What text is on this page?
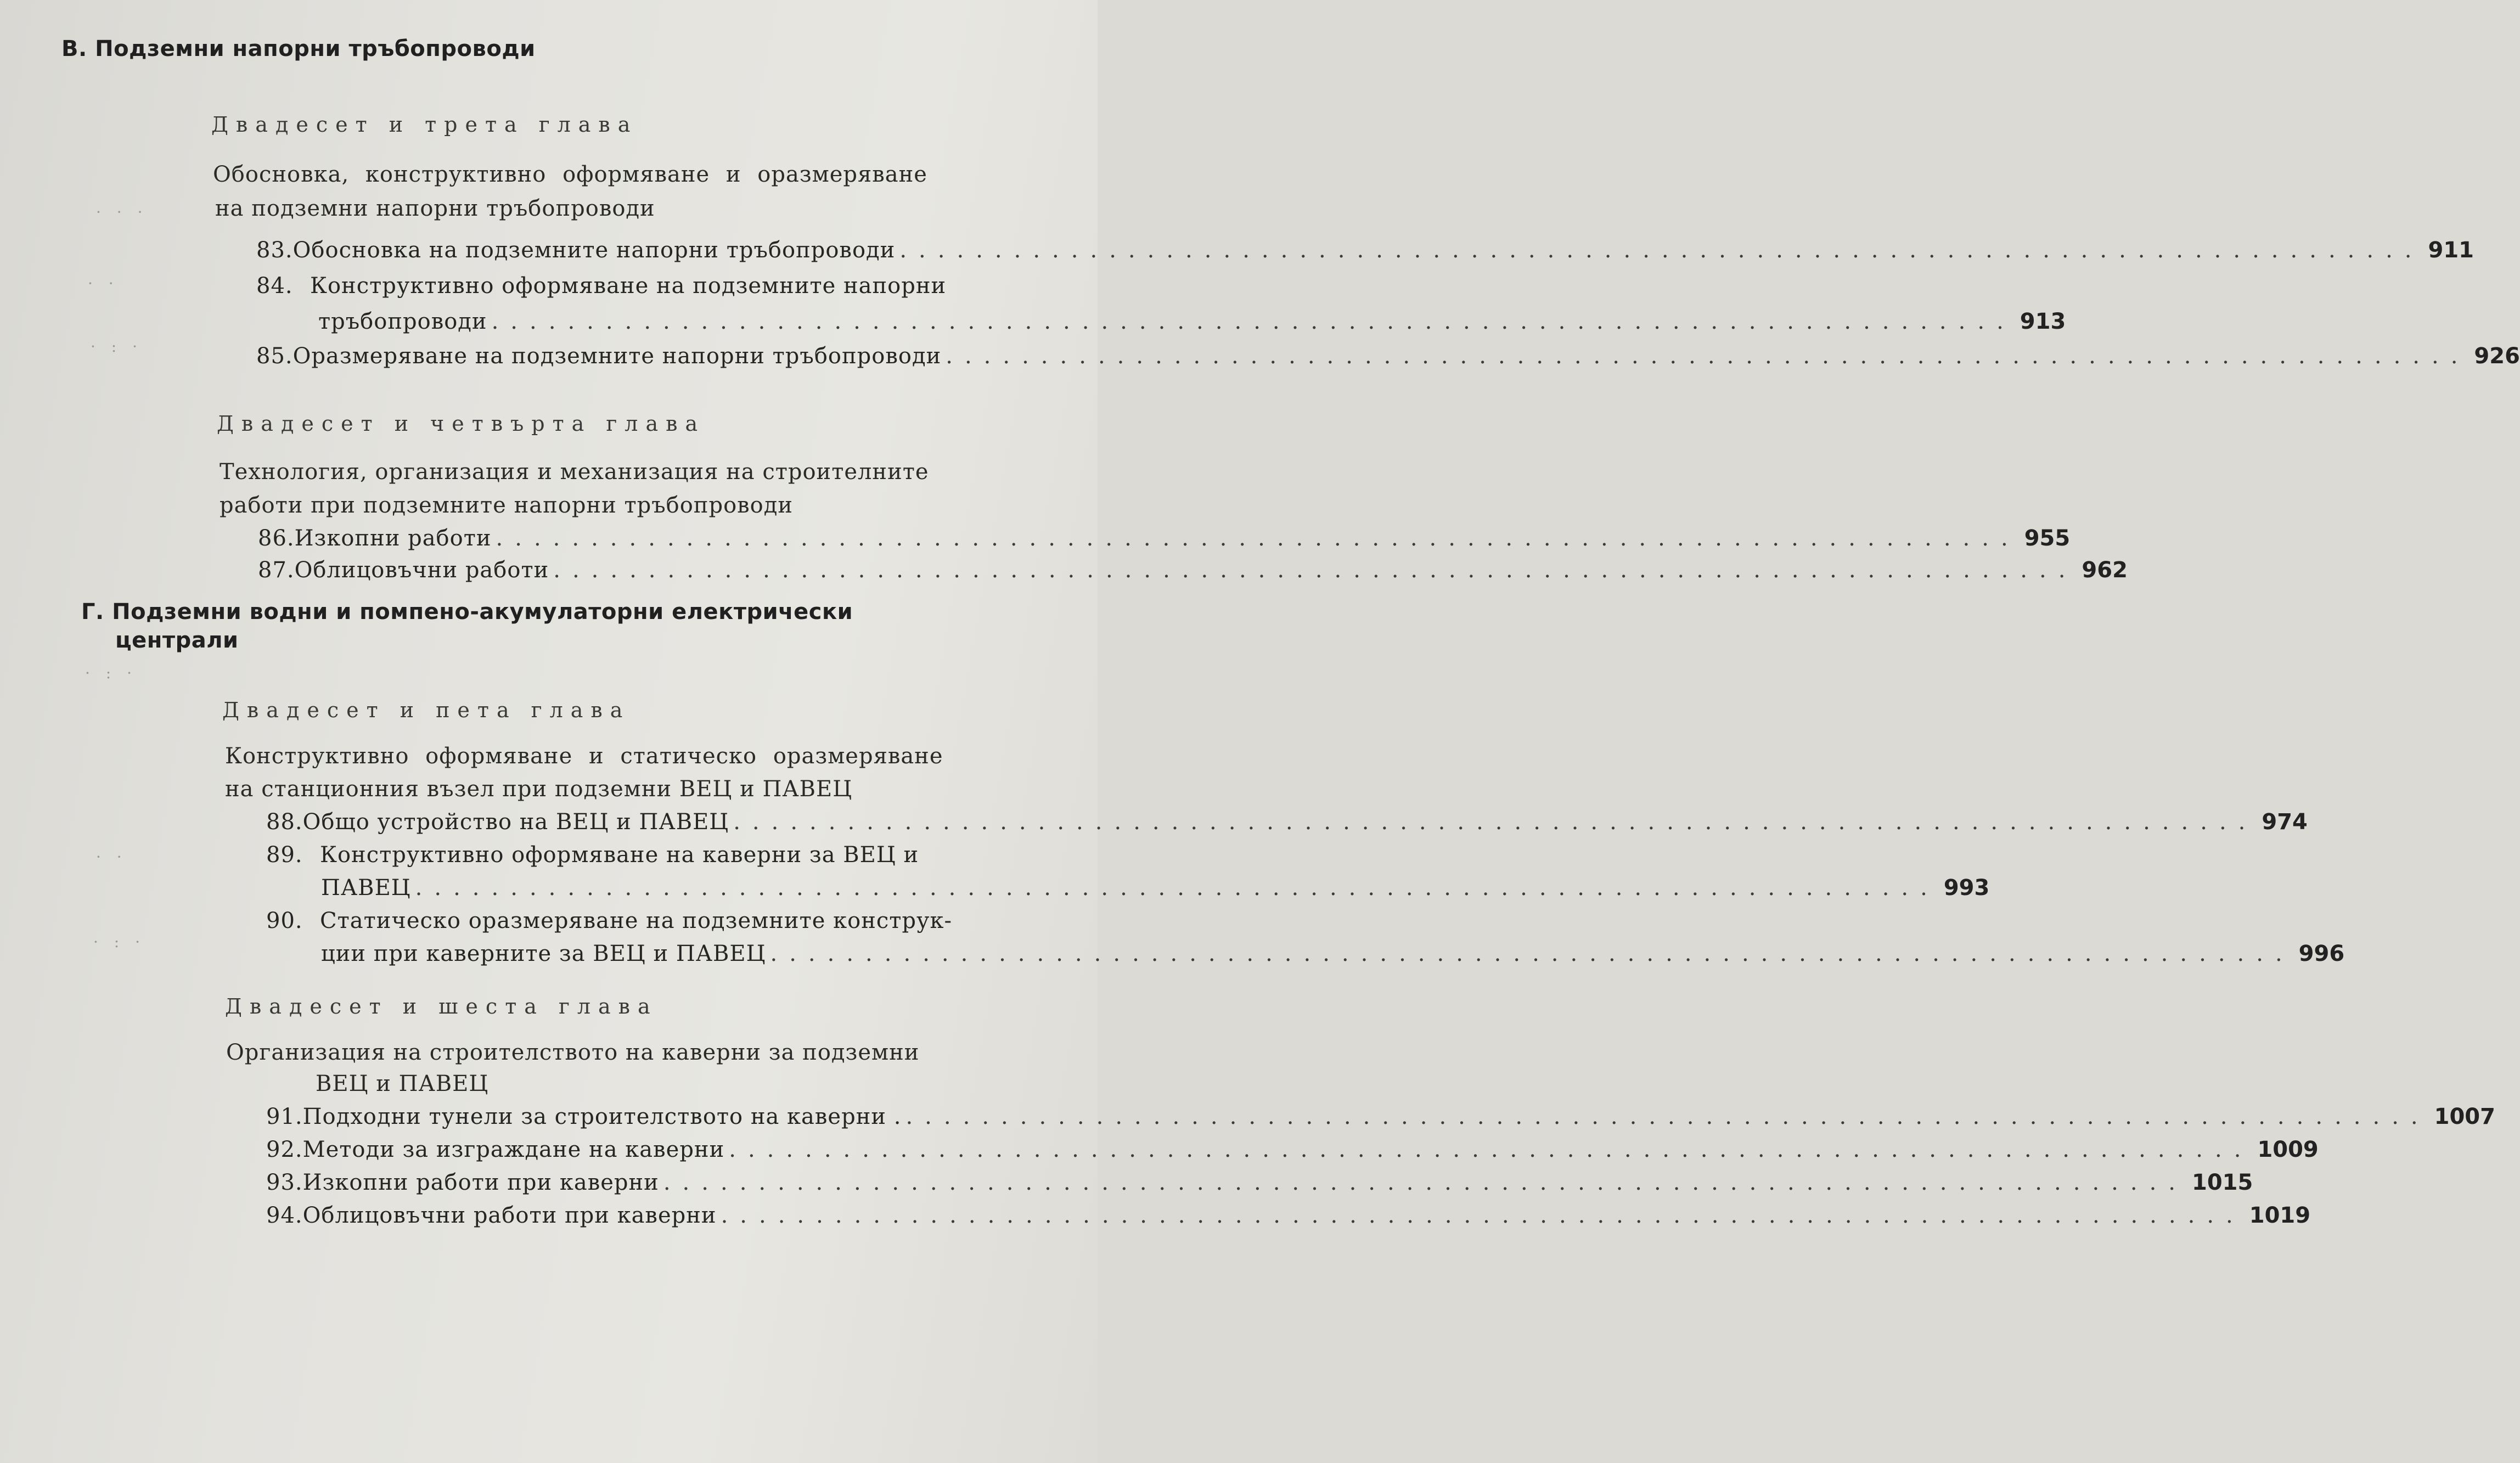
· · ·
· ·
· : ·
· : ·
· ·
· : ·
В. Подземни напорни тръбопроводи
Двадесет и трета глава
Обосновка, конструктивно оформяване и оразмеряване
на подземни напорни тръбопроводи
83. Обосновка на подземните напорни тръбопроводи ................................................................................ 911
84. Конструктивно оформяване на подземните напорни
тръбопроводи ................................................................................ 913
85. Оразмеряване на подземните напорни тръбопроводи ................................................................................ 926
Двадесет и четвърта глава
Технология, организация и механизация на строителните
работи при подземните напорни тръбопроводи
86. Изкопни работи ................................................................................ 955
87. Облицовъчни работи ................................................................................ 962
Г. Подземни водни и помпено-акумулаторни електрически
централи
Двадесет и пета глава
Конструктивно оформяване и статическо оразмеряване
на станционния възел при подземни ВЕЦ и ПАВЕЦ
88. Общо устройство на ВЕЦ и ПАВЕЦ ................................................................................ 974
89. Конструктивно оформяване на каверни за ВЕЦ и
ПАВЕЦ ................................................................................ 993
90. Статическо оразмеряване на подземните конструк-
ции при кавернитe за ВЕЦ и ПАВЕЦ ................................................................................ 996
Двадесет и шеста глава
Организация на строителството на каверни за подземни
ВЕЦ и ПАВЕЦ
91. Подходни тунели за строителството на каверни . ................................................................................ 1007
92. Методи за изграждане на каверни ................................................................................ 1009
93. Изкопни работи при каверни ................................................................................ 1015
94. Облицовъчни работи при каверни ................................................................................ 1019
